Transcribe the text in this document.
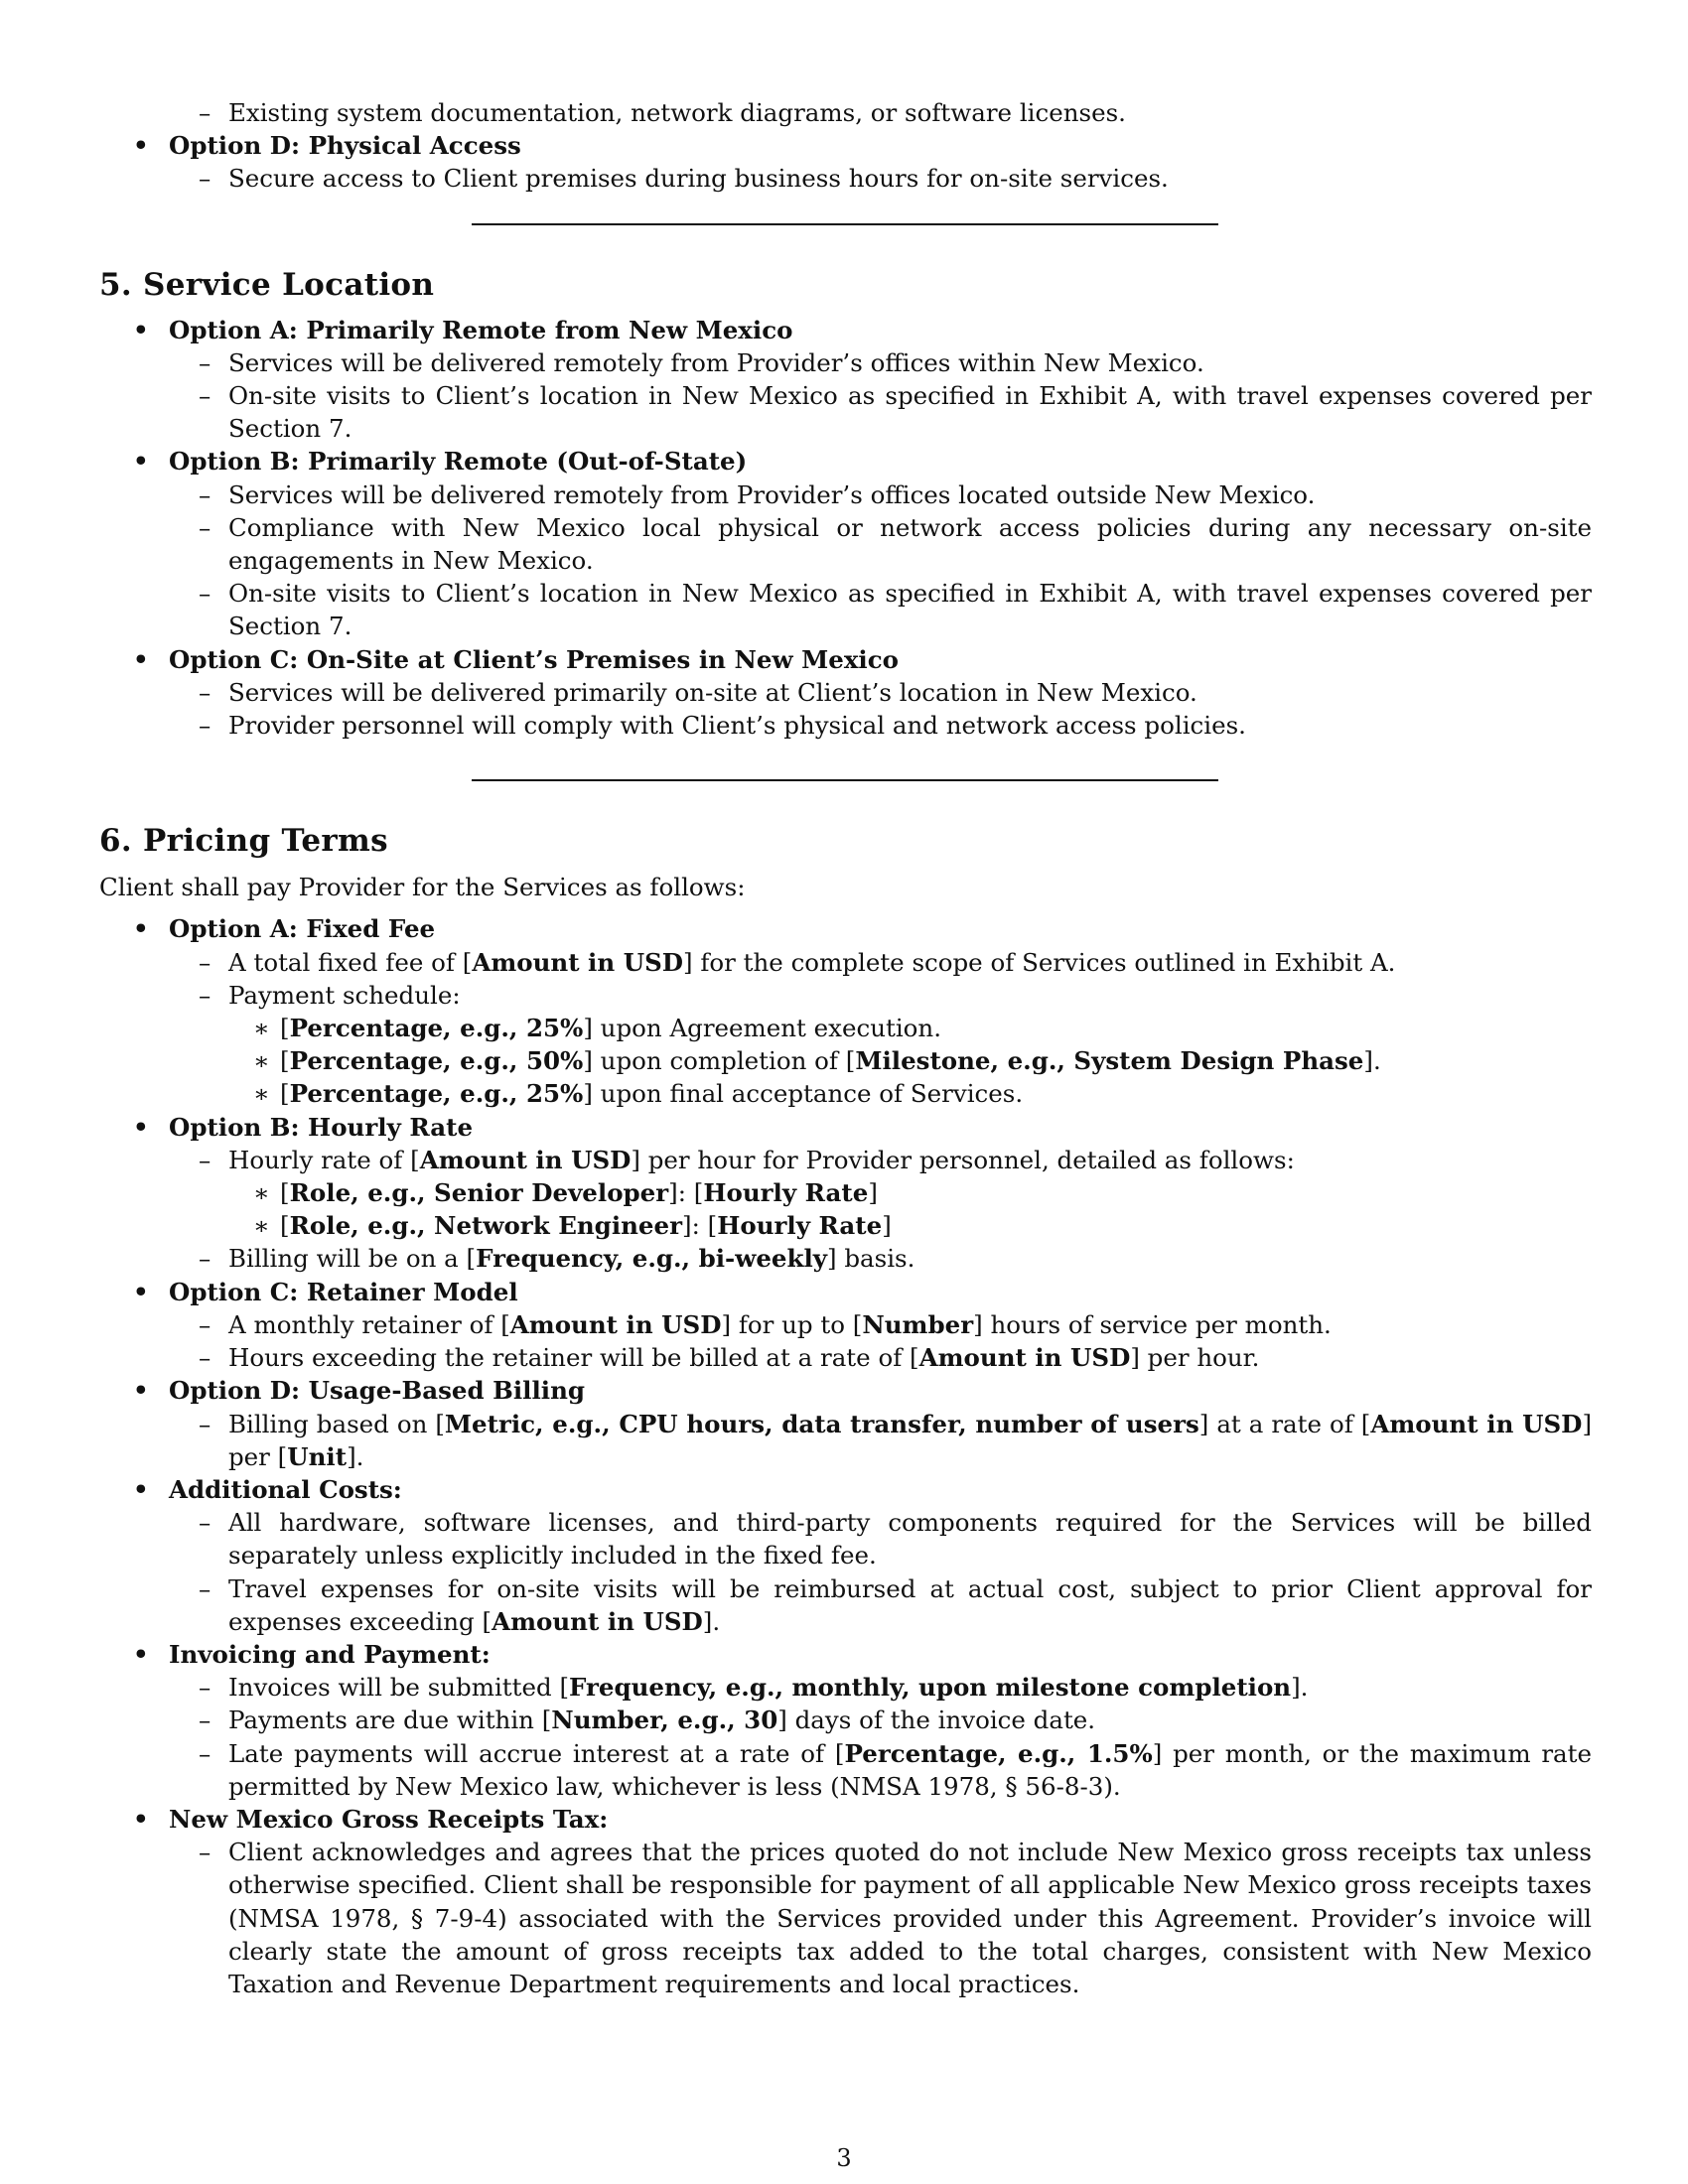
– Existing system documentation, network diagrams, or software licenses.
• Option D: Physical Access
– Secure access to Client premises during business hours for on-site services.
5. Service Location
• Option A: Primarily Remote from New Mexico
– Services will be delivered remotely from Provider’s offices within New Mexico.
– On-site visits to Client’s location in New Mexico as specified in Exhibit A, with travel expenses covered per Section 7.
• Option B: Primarily Remote (Out-of-State)
– Services will be delivered remotely from Provider’s offices located outside New Mexico.
– Compliance with New Mexico local physical or network access policies during any necessary on-site engagements in New Mexico.
– On-site visits to Client’s location in New Mexico as specified in Exhibit A, with travel expenses covered per Section 7.
• Option C: On-Site at Client’s Premises in New Mexico
– Services will be delivered primarily on-site at Client’s location in New Mexico.
– Provider personnel will comply with Client’s physical and network access policies.
6. Pricing Terms

Client shall pay Provider for the Services as follows:

• Option A: Fixed Fee
– A total fixed fee of [Amount in USD] for the complete scope of Services outlined in Exhibit A.
– Payment schedule:
∗ [Percentage, e.g., 25%] upon Agreement execution.
∗ [Percentage, e.g., 50%] upon completion of [Milestone, e.g., System Design Phase].
∗ [Percentage, e.g., 25%] upon final acceptance of Services.
• Option B: Hourly Rate
– Hourly rate of [Amount in USD] per hour for Provider personnel, detailed as follows:
∗ [Role, e.g., Senior Developer]: [Hourly Rate]
∗ [Role, e.g., Network Engineer]: [Hourly Rate]
– Billing will be on a [Frequency, e.g., bi-weekly] basis.
• Option C: Retainer Model
– A monthly retainer of [Amount in USD] for up to [Number] hours of service per month.
– Hours exceeding the retainer will be billed at a rate of [Amount in USD] per hour.
• Option D: Usage-Based Billing
– Billing based on [Metric, e.g., CPU hours, data transfer, number of users] at a rate of [Amount in USD] per [Unit].
• Additional Costs:
– All hardware, software licenses, and third-party components required for the Services will be billed separately unless explicitly included in the fixed fee.
– Travel expenses for on-site visits will be reimbursed at actual cost, subject to prior Client approval for expenses exceeding [Amount in USD].
• Invoicing and Payment:
– Invoices will be submitted [Frequency, e.g., monthly, upon milestone completion].
– Payments are due within [Number, e.g., 30] days of the invoice date.
– Late payments will accrue interest at a rate of [Percentage, e.g., 1.5%] per month, or the maximum rate permitted by New Mexico law, whichever is less (NMSA 1978, § 56-8-3).
• New Mexico Gross Receipts Tax:
– Client acknowledges and agrees that the prices quoted do not include New Mexico gross receipts tax unless otherwise specified. Client shall be responsible for payment of all applicable New Mexico gross receipts taxes (NMSA 1978, § 7-9-4) associated with the Services provided under this Agreement. Provider’s invoice will clearly state the amount of gross receipts tax added to the total charges, consistent with New Mexico Taxation and Revenue Department requirements and local practices.
3
